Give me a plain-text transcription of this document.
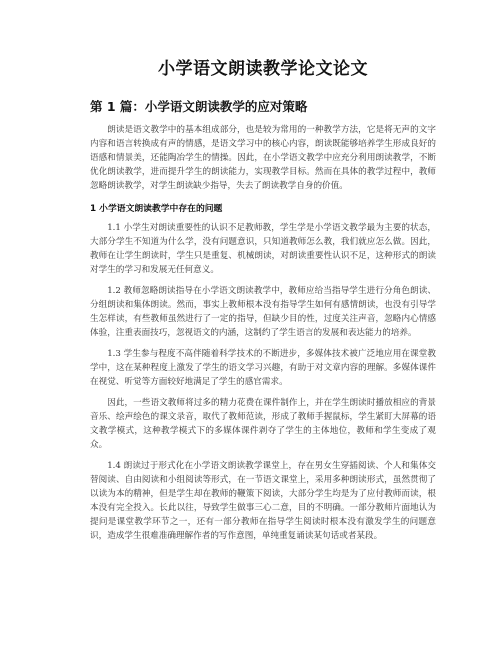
小学语文朗读教学论文论文
第 1 篇：小学语文朗读教学的应对策略

朗读是语文教学中的基本组成部分，也是较为常用的一种教学方法，它是将无声的文字内容和语言转换成有声的情感，是语文学习中的核心内容，朗读既能够培养学生形成良好的语感和情景美，还能陶冶学生的情操。因此，在小学语文教学中应充分利用朗读教学，不断优化朗读教学，进而提升学生的朗读能力，实现教学目标。然而在具体的教学过程中，教师忽略朗读教学，对学生朗读缺少指导，失去了朗读教学自身的价值。

1 小学语文朗读教学中存在的问题

1.1 小学生对朗读重要性的认识不足教师教，学生学是小学语文教学最为主要的状态，大部分学生不知道为什么学，没有问题意识，只知道教师怎么教，我们就应怎么做。因此，教师在让学生朗读时，学生只是重复、机械朗读，对朗读重要性认识不足，这种形式的朗读对学生的学习和发展无任何意义。

1.2 教师忽略朗读指导在小学语文朗读教学中，教师应给当指导学生进行分角色朗读、分组朗读和集体朗读。然而，事实上教师根本没有指导学生如何有感情朗读，也没有引导学生怎样读，有些教师虽然进行了一定的指导，但缺少目的性，过度关注声音，忽略内心情感体验，注重表面技巧，忽视语文的内涵，这制约了学生语言的发展和表达能力的培养。

1.3 学生参与程度不高伴随着科学技术的不断进步，多媒体技术被广泛地应用在课堂教学中，这在某种程度上激发了学生的语文学习兴趣，有助于对文章内容的理解。多媒体课件在视觉、听觉等方面较好地满足了学生的感官需求。

因此，一些语文教师将过多的精力花费在课件制作上，并在学生朗读时播放相应的背景音乐、绘声绘色的课文录音，取代了教师范读，形成了教师手握鼠标，学生紧盯大屏幕的语文教学模式，这种教学模式下的多媒体课件剥夺了学生的主体地位，教师和学生变成了观众。

1.4 朗读过于形式化在小学语文朗读教学课堂上，存在男女生穿插阅读、个人和集体交替阅读、自由阅读和小组阅读等形式，在一节语文课堂上，采用多种朗读形式，虽然贯彻了以读为本的精神，但是学生却在教师的鞭策下阅读，大部分学生均是为了应付教师而读，根本没有完全投入。长此以往，导致学生做事三心二意，目的不明确。一部分教师片面地认为提问是课堂教学环节之一，还有一部分教师在指导学生阅读时根本没有激发学生的问题意识，造成学生很难准确理解作者的写作意图，单纯重复诵读某句话或者某段。
